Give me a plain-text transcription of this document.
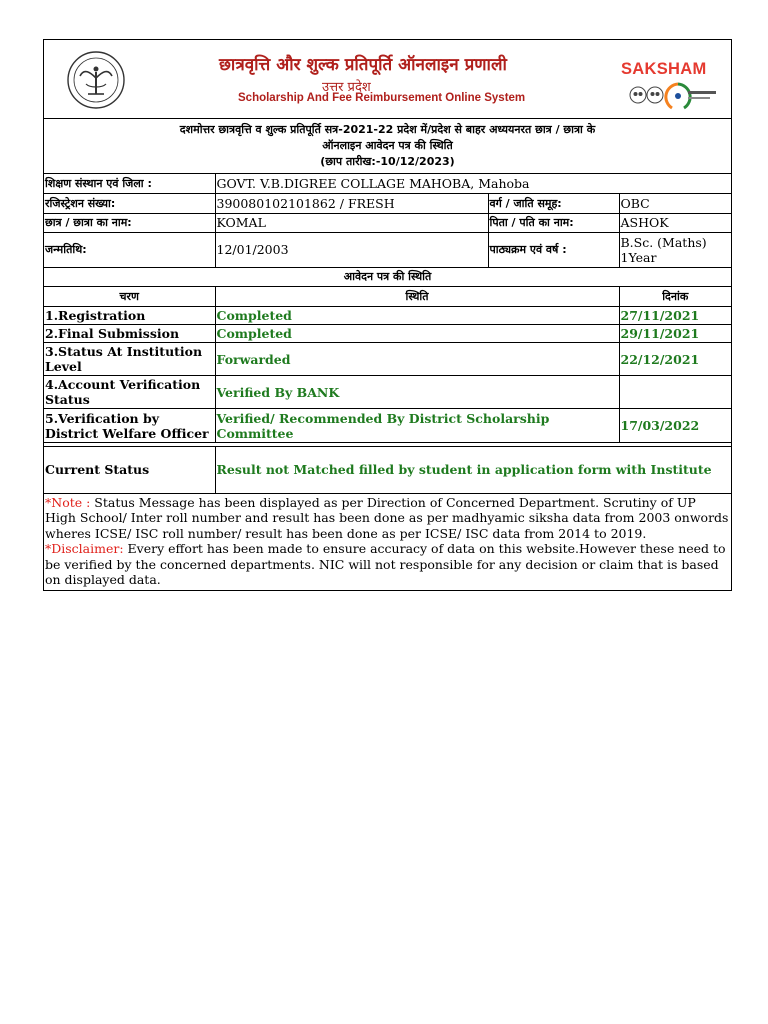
छात्रवृत्ति और शुल्क प्रतिपूर्ति ऑनलाइन प्रणाली
उत्तर प्रदेश
Scholarship And Fee Reimbursement Online System
SAKSHAM
दशमोत्तर छात्रवृत्ति व शुल्क प्रतिपूर्ति सत्र-2021-22 प्रदेश में/प्रदेश से बाहर अध्ययनरत छात्र / छात्रा के
ऑनलाइन आवेदन पत्र की स्थिति
(छाप तारीख:-10/12/2023)
शिक्षण संस्थान एवं जिला :	GOVT. V.B.DIGREE COLLAGE MAHOBA, Mahoba		
रजिस्ट्रेशन संख्या:	390080102101862 / FRESH	वर्ग / जाति समूह:	OBC
छात्र / छात्रा का नाम:	KOMAL	पिता / पति का नाम:	ASHOK
जन्मतिथि:	12/01/2003	पाठ्यक्रम एवं वर्ष :	B.Sc. (Maths)
1Year
आवेदन पत्र की स्थिति		
चरण	स्थिति	दिनांक
1.Registration	Completed	27/11/2021
2.Final Submission	Completed	29/11/2021
3.Status At Institution Level	Forwarded	22/12/2021
4.Account Verification Status	Verified By BANK	
5.Verification by District Welfare Officer	Verified/ Recommended By District Scholarship Committee	17/03/2022
Current Status	Result not Matched filled by student in application form with Institute
*Note : Status Message has been displayed as per Direction of Concerned Department. Scrutiny of UP High School/ Inter roll number and result has been done as per madhyamic siksha data from 2003 onwords wheres ICSE/ ISC roll number/ result has been done as per ICSE/ ISC data from 2014 to 2019.
*Disclaimer: Every effort has been made to ensure accuracy of data on this website.However these need to be verified by the concerned departments. NIC will not responsible for any decision or claim that is based on displayed data.
